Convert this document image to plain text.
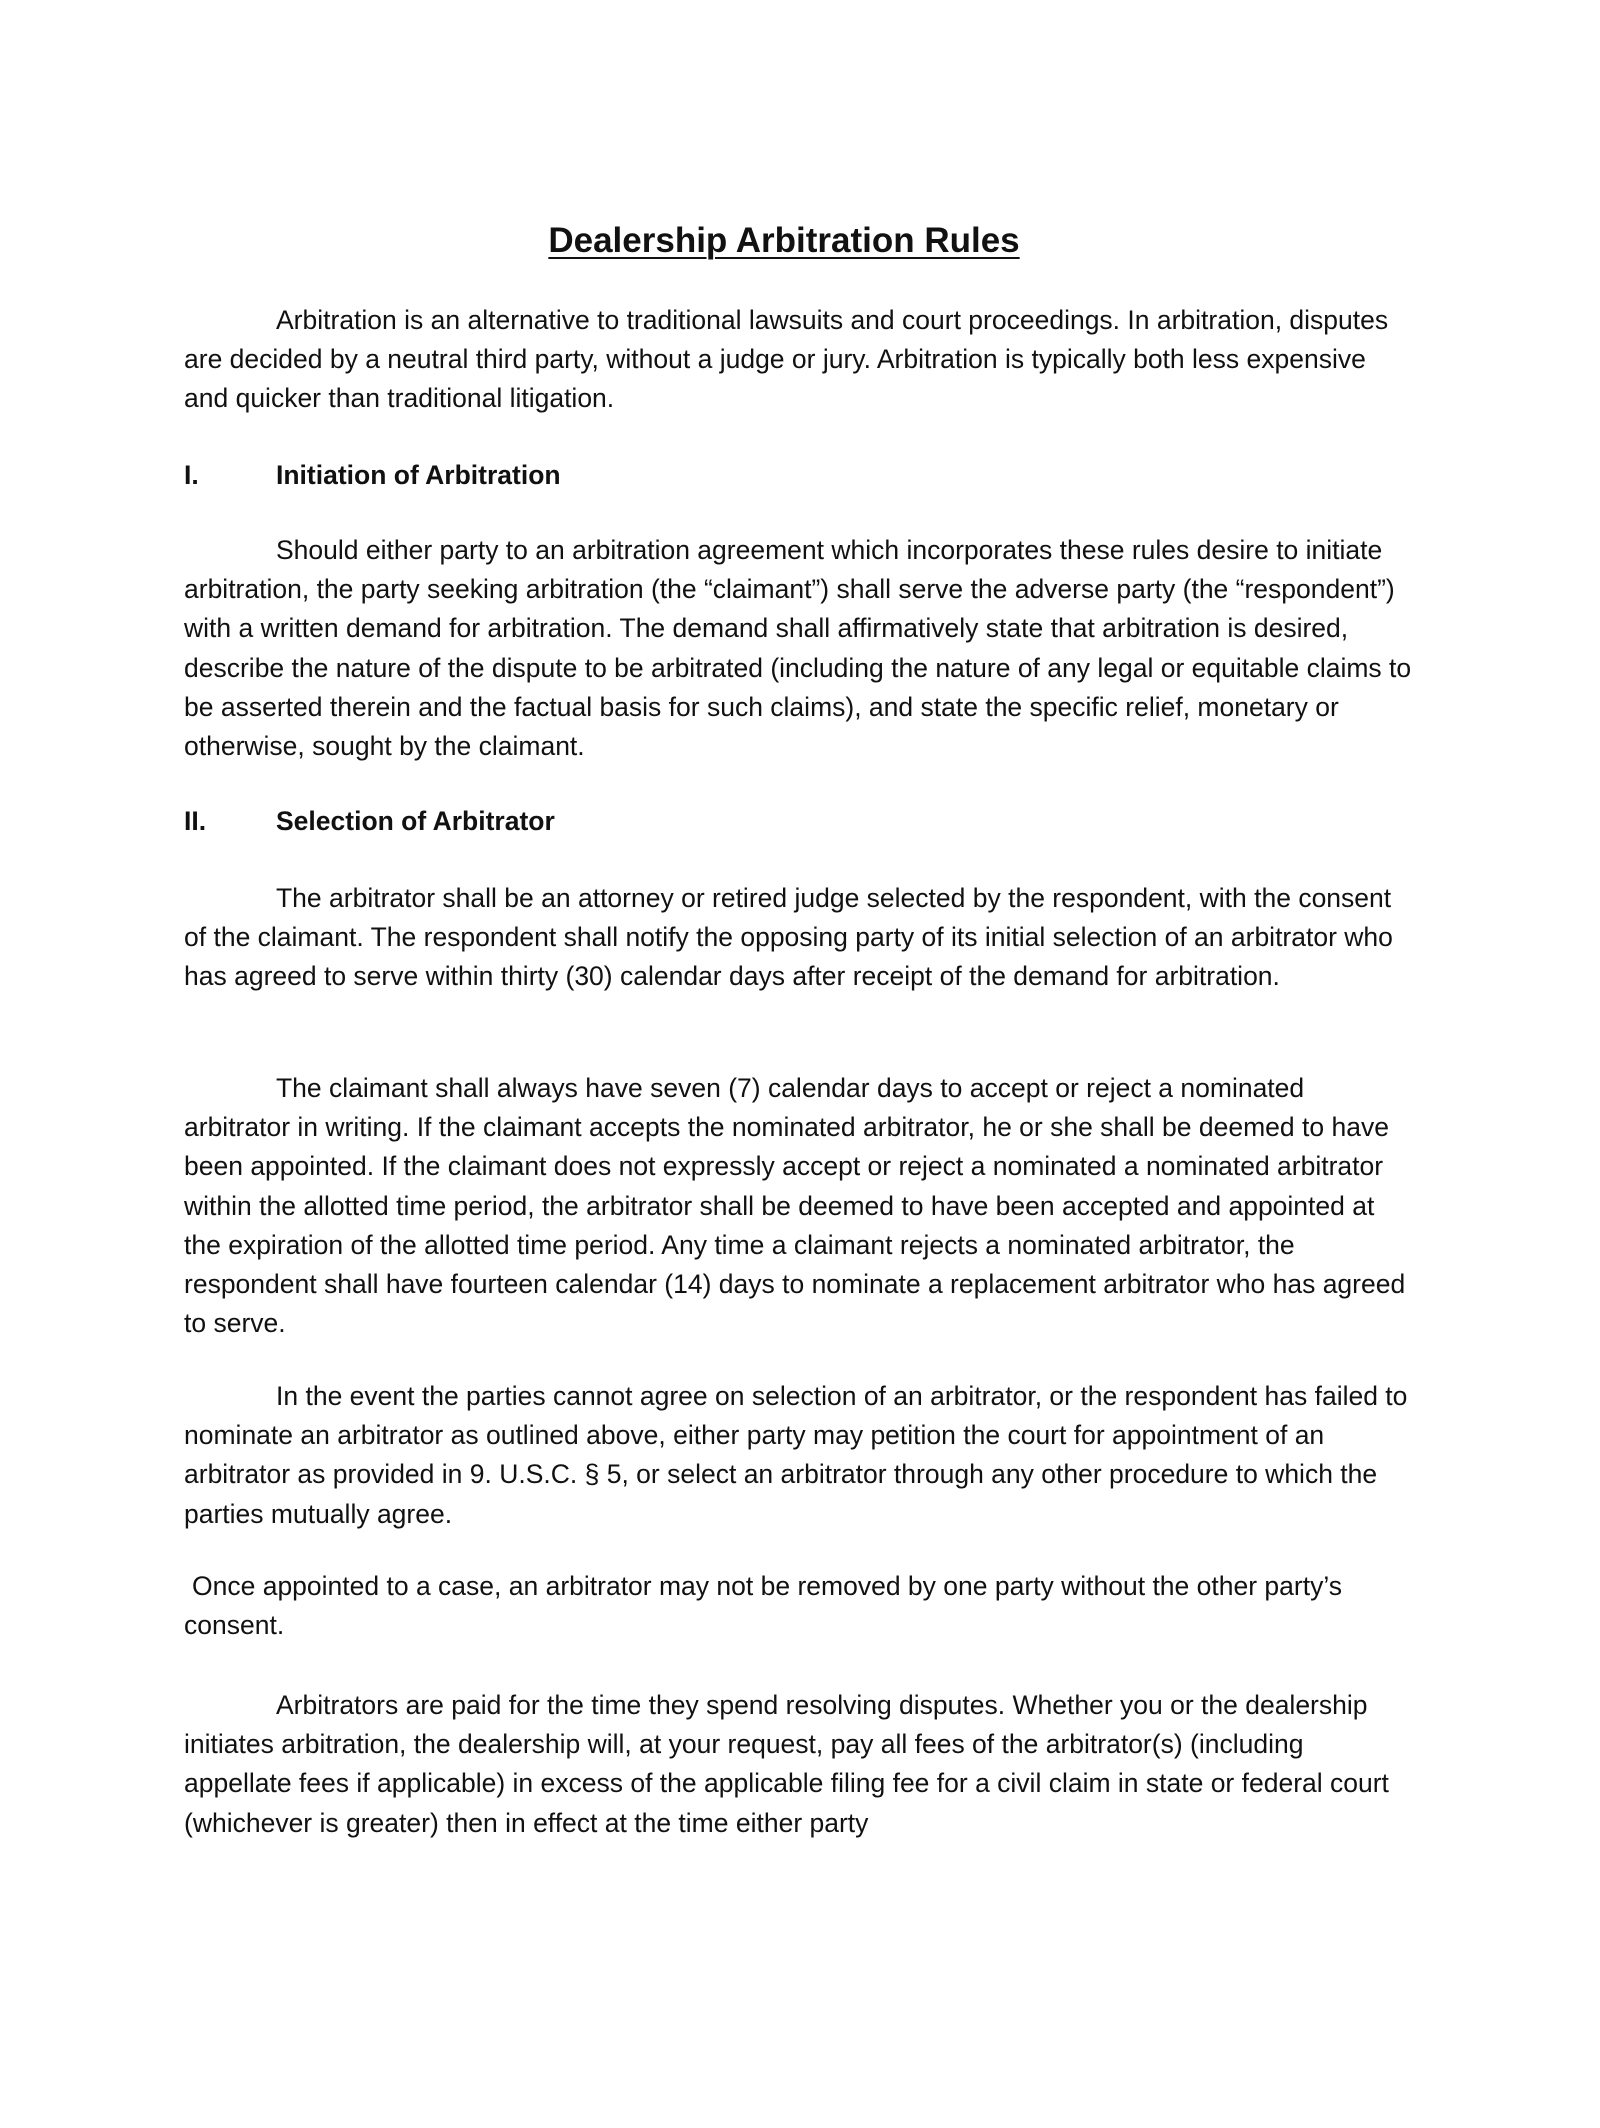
Dealership Arbitration Rules

Arbitration is an alternative to traditional lawsuits and court proceedings. In arbitration, disputes are decided by a neutral third party, without a judge or jury. Arbitration is typically both less expensive and quicker than traditional litigation.

I.	Initiation of Arbitration

Should either party to an arbitration agreement which incorporates these rules desire to initiate arbitration, the party seeking arbitration (the “claimant”) shall serve the adverse party (the “respondent”) with a written demand for arbitration. The demand shall affirmatively state that arbitration is desired, describe the nature of the dispute to be arbitrated (including the nature of any legal or equitable claims to be asserted therein and the factual basis for such claims), and state the specific relief, monetary or otherwise, sought by the claimant.

II.	Selection of Arbitrator

The arbitrator shall be an attorney or retired judge selected by the respondent, with the consent of the claimant. The respondent shall notify the opposing party of its initial selection of an arbitrator who has agreed to serve within thirty (30) calendar days after receipt of the demand for arbitration.

The claimant shall always have seven (7) calendar days to accept or reject a nominated arbitrator in writing. If the claimant accepts the nominated arbitrator, he or she shall be deemed to have been appointed. If the claimant does not expressly accept or reject a nominated a nominated arbitrator within the allotted time period, the arbitrator shall be deemed to have been accepted and appointed at the expiration of the allotted time period. Any time a claimant rejects a nominated arbitrator, the respondent shall have fourteen calendar (14) days to nominate a replacement arbitrator who has agreed to serve.

In the event the parties cannot agree on selection of an arbitrator, or the respondent has failed to nominate an arbitrator as outlined above, either party may petition the court for appointment of an arbitrator as provided in 9. U.S.C. § 5, or select an arbitrator through any other procedure to which the parties mutually agree.

Once appointed to a case, an arbitrator may not be removed by one party without the other party’s consent.

Arbitrators are paid for the time they spend resolving disputes. Whether you or the dealership initiates arbitration, the dealership will, at your request, pay all fees of the arbitrator(s) (including appellate fees if applicable) in excess of the applicable filing fee for a civil claim in state or federal court (whichever is greater) then in effect at the time either party
